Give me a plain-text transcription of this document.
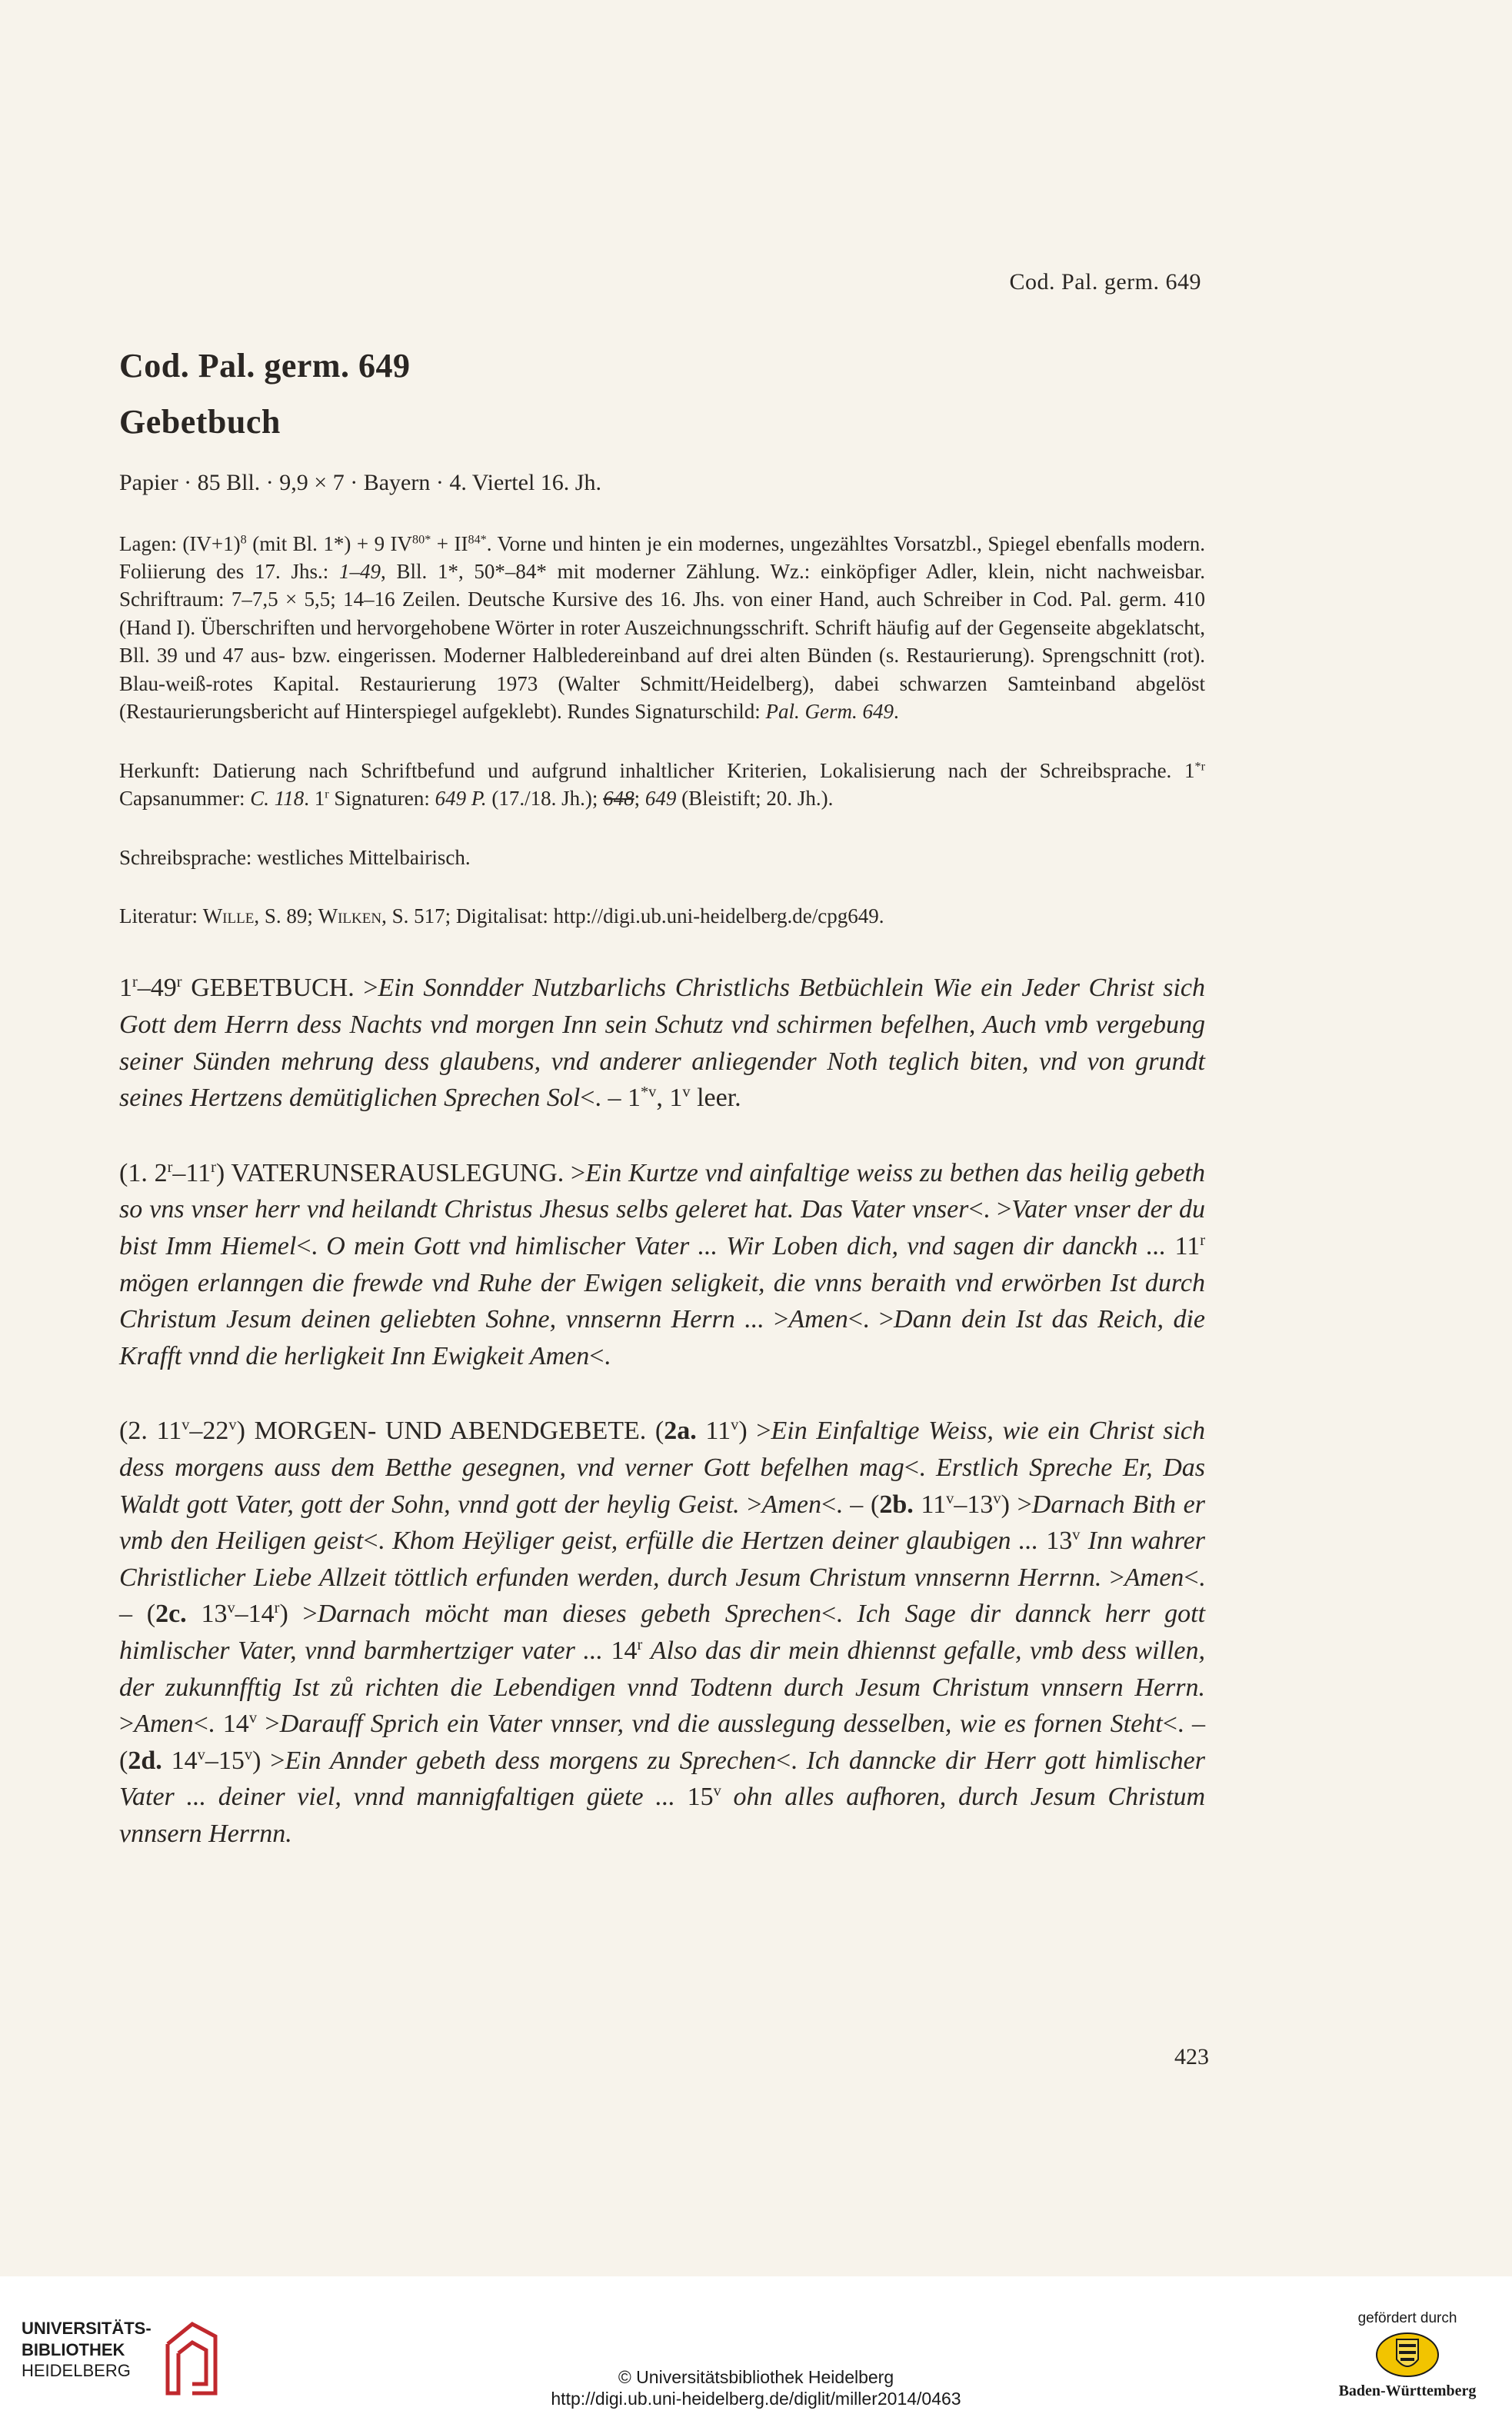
Cod. Pal. germ. 649
Cod. Pal. germ. 649
Gebetbuch

Papier · 85 Bll. · 9,9 × 7 · Bayern · 4. Viertel 16. Jh.

Lagen: $(IV+1)^8$ (mit Bl. 1*) + 9 $IV^{80*} + II^{84*}$. Vorne und hinten je ein modernes, ungezähltes Vorsatzbl., Spiegel ebenfalls modern. Foliierung des 17. Jhs.: 1–49, Bll. 1*, 50*–84* mit moderner Zählung. Wz.: einköpfiger Adler, klein, nicht nachweisbar. Schriftraum: 7–7,5 × 5,5; 14–16 Zeilen. Deutsche Kursive des 16. Jhs. von einer Hand, auch Schreiber in Cod. Pal. germ. 410 (Hand I). Überschriften und hervorgehobene Wörter in roter Auszeichnungsschrift. Schrift häufig auf der Gegenseite abgeklatscht, Bll. 39 und 47 aus- bzw. eingerissen. Moderner Halbledereinband auf drei alten Bünden (s. Restaurierung). Sprengschnitt (rot). Blau-weiß-rotes Kapital. Restaurierung 1973 (Walter Schmitt/Heidelberg), dabei schwarzen Samteinband abgelöst (Restaurierungsbericht auf Hinterspiegel aufgeklebt). Rundes Signaturschild: Pal. Germ. 649.

Herkunft: Datierung nach Schriftbefund und aufgrund inhaltlicher Kriterien, Lokalisierung nach der Schreibsprache. 1$^{*r}$ Capsanummer: C. 118. 1$^r$ Signaturen: 649 P. (17./18. Jh.); 648; 649 (Bleistift; 20. Jh.).

Schreibsprache: westliches Mittelbairisch.

Literatur: Wille, S. 89; Wilken, S. 517; Digitalisat: http://digi.ub.uni-heidelberg.de/cpg649.

1$^r$–49$^r$ GEBETBUCH. >Ein Sonndder Nutzbarlichs Christlichs Betbüchlein Wie ein Jeder Christ sich Gott dem Herrn dess Nachts vnd morgen Inn sein Schutz vnd schirmen befelhen, Auch vmb vergebung seiner Sünden mehrung dess glaubens, vnd anderer anliegender Noth teglich biten, vnd von grundt seines Hertzens demütiglichen Sprechen Sol<. – 1$^{*v}$, 1$^v$ leer.

(1. 2$^r$–11$^r$) VATERUNSERAUSLEGUNG. >Ein Kurtze vnd ainfaltige weiss zu bethen das heilig gebeth so vns vnser herr vnd heilandt Christus Jhesus selbs geleret hat. Das Vater vnser<. >Vater vnser der du bist Imm Hiemel<. O mein Gott vnd himlischer Vater ... Wir Loben dich, vnd sagen dir danckh ... 11$^r$ mögen erlanngen die frewde vnd Ruhe der Ewigen seligkeit, die vnns beraith vnd erwörben Ist durch Christum Jesum deinen geliebten Sohne, vnnsernn Herrn ... >Amen<. >Dann dein Ist das Reich, die Krafft vnnd die herligkeit Inn Ewigkeit Amen<.

(2. 11$^v$–22$^v$) MORGEN- UND ABENDGEBETE. (2a. $11^v) >Ein$ Einfaltige Weiss, wie ein Christ sich dess morgens auss dem Betthe gesegnen, vnd verner Gott befelhen mag<. Erstlich Spreche Er, Das Waldt gott Vater, gott der Sohn, vnnd gott der heylig Geist. >Amen<. – (2b. $11^v-13^v$) >Darnach Bith er vmb den Heiligen geist<. Khom Heÿliger geist, erfülle die Hertzen deiner glaubigen ... 13$^v$ Inn wahrer Christlicher Liebe Allzeit töttlich erfunden werden, durch Jesum Christum vnnsernn Herrnn. >Amen<. – (2c. $13^v-14^r$) >Darnach möcht man dieses gebeth Sprechen<. Ich Sage dir dannck herr gott himlischer Vater, vnnd barmhertziger vater ... 14$^r$ Also das dir mein dhiennst gefalle, vmb dess willen, der zukunnfftig Ist zů richten die Lebendigen vnnd Todtenn durch Jesum Christum vnnsern Herrn. >Amen<. $14^v$ >Darauff Sprich ein Vater vnnser, vnd die ausslegung desselben, wie es fornen Steht<. – (2d. $14^v-15^v) >Ein$ Annder gebeth dess morgens zu Sprechen<. Ich danncke dir Herr gott himlischer Vater ... deiner viel, vnnd mannigfaltigen güete ... 15$^v$ ohn alles aufhoren, durch Jesum Christum vnnsern Herrnn.

423
UNIVERSITÄTS-
BIBLIOTHEK
HEIDELBERG	© Universitätsbibliothek Heidelberg
http://digi.ub.uni-heidelberg.de/diglit/miller2014/0463
gefördert durch
Baden-Württemberg
